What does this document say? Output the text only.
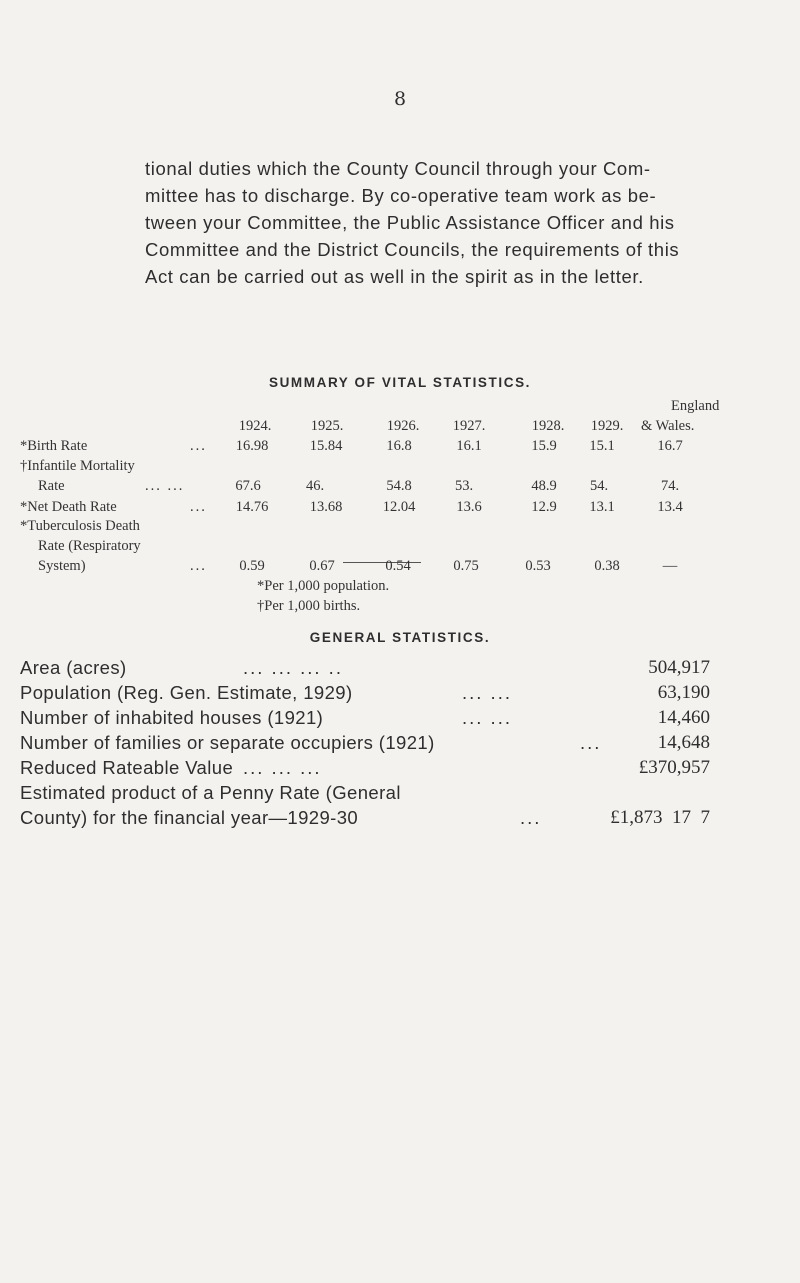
8
tional duties which the County Council through your Com-
mittee has to discharge. By co-operative team work as be-
tween your Committee, the Public Assistance Officer and his
Committee and the District Councils, the requirements of this
Act can be carried out as well in the spirit as in the letter.
SUMMARY OF VITAL STATISTICS.
1924.	1925.	1926.	1927.	1928.	1929.
England
& Wales.
*Birth Rate	...	16.98	15.84	16.8	16.1	15.9	15.1	16.7
†Infantile Mortality
Rate	... ...	67.6	46.	54.8	53.	48.9	54.	74.
*Net Death Rate	...	14.76	13.68	12.04	13.6	12.9	13.1	13.4
*Tuberculosis Death
Rate (Respiratory
System)	...	0.59	0.67	0.54	0.75	0.53	0.38	—
*Per 1,000 population.
†Per 1,000 births.
GENERAL STATISTICS.
Area (acres)	... ... ... ..	504,917
Population (Reg. Gen. Estimate, 1929)	... ...	63,190
Number of inhabited houses (1921)	... ...	14,460
Number of families or separate occupiers (1921)	...	14,648
Reduced Rateable Value ... ... ...	£370,957
Estimated product of a Penny Rate (General
County) for the financial year—1929-30	...	£1,873  17  7
